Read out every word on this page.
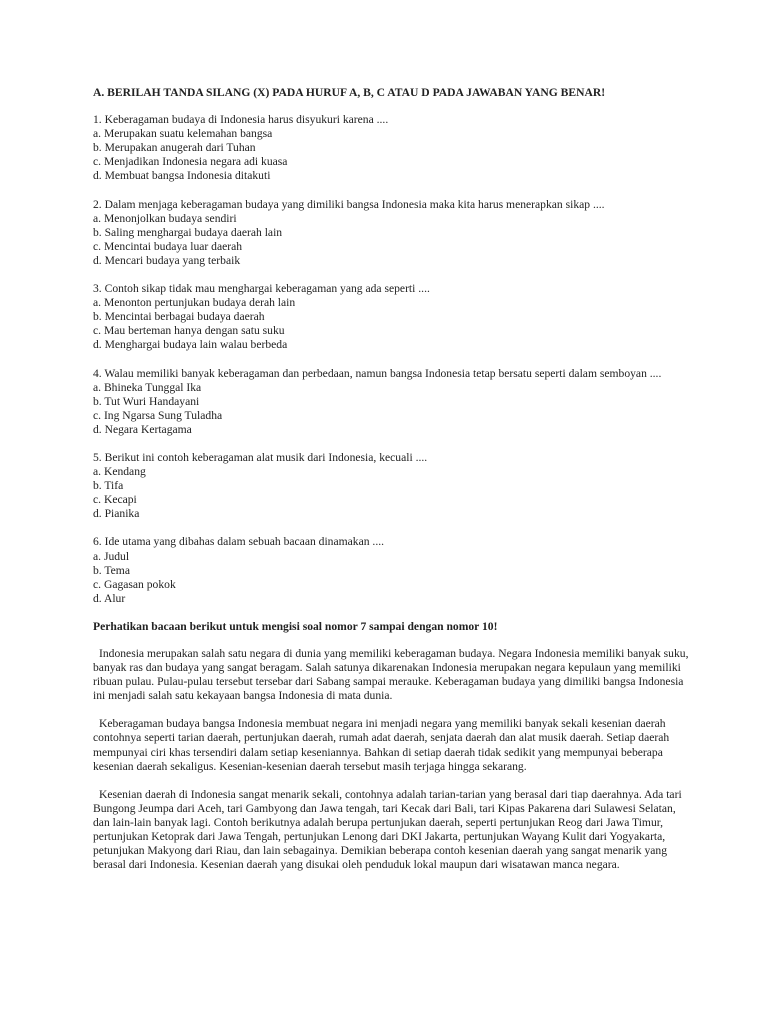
A. BERILAH TANDA SILANG (X) PADA HURUF A, B, C ATAU D PADA JAWABAN YANG BENAR!
1. Keberagaman budaya di Indonesia harus disyukuri karena ....
a. Merupakan suatu kelemahan bangsa
b. Merupakan anugerah dari Tuhan
c. Menjadikan Indonesia negara adi kuasa
d. Membuat bangsa Indonesia ditakuti
2. Dalam menjaga keberagaman budaya yang dimiliki bangsa Indonesia maka kita harus menerapkan sikap ....
a. Menonjolkan budaya sendiri
b. Saling menghargai budaya daerah lain
c. Mencintai budaya luar daerah
d. Mencari budaya yang terbaik
3. Contoh sikap tidak mau menghargai keberagaman yang ada seperti ....
a. Menonton pertunjukan budaya derah lain
b. Mencintai berbagai budaya daerah
c. Mau berteman hanya dengan satu suku
d. Menghargai budaya lain walau berbeda
4. Walau memiliki banyak keberagaman dan perbedaan, namun bangsa Indonesia tetap bersatu seperti dalam semboyan ....
a. Bhineka Tunggal Ika
b. Tut Wuri Handayani
c. Ing Ngarsa Sung Tuladha
d. Negara Kertagama
5. Berikut ini contoh keberagaman alat musik dari Indonesia, kecuali ....
a. Kendang
b. Tifa
c. Kecapi
d. Pianika
6. Ide utama yang dibahas dalam sebuah bacaan dinamakan ....
a. Judul
b. Tema
c. Gagasan pokok
d. Alur
Perhatikan bacaan berikut untuk mengisi soal nomor 7 sampai dengan nomor 10!

Indonesia merupakan salah satu negara di dunia yang memiliki keberagaman budaya. Negara Indonesia memiliki banyak suku, banyak ras dan budaya yang sangat beragam. Salah satunya dikarenakan Indonesia merupakan negara kepulaun yang memiliki ribuan pulau. Pulau-pulau tersebut tersebar dari Sabang sampai merauke. Keberagaman budaya yang dimiliki bangsa Indonesia ini menjadi salah satu kekayaan bangsa Indonesia di mata dunia.

Keberagaman budaya bangsa Indonesia membuat negara ini menjadi negara yang memiliki banyak sekali kesenian daerah contohnya seperti tarian daerah, pertunjukan daerah, rumah adat daerah, senjata daerah dan alat musik daerah. Setiap daerah mempunyai ciri khas tersendiri dalam setiap keseniannya. Bahkan di setiap daerah tidak sedikit yang mempunyai beberapa kesenian daerah sekaligus. Kesenian-kesenian daerah tersebut masih terjaga hingga sekarang.

Kesenian daerah di Indonesia sangat menarik sekali, contohnya adalah tarian-tarian yang berasal dari tiap daerahnya. Ada tari Bungong Jeumpa dari Aceh, tari Gambyong dan Jawa tengah, tari Kecak dari Bali, tari Kipas Pakarena dari Sulawesi Selatan, dan lain-lain banyak lagi. Contoh berikutnya adalah berupa pertunjukan daerah, seperti pertunjukan Reog dari Jawa Timur, pertunjukan Ketoprak dari Jawa Tengah, pertunjukan Lenong dari DKI Jakarta, pertunjukan Wayang Kulit dari Yogyakarta, petunjukan Makyong dari Riau, dan lain sebagainya. Demikian beberapa contoh kesenian daerah yang sangat menarik yang berasal dari Indonesia. Kesenian daerah yang disukai oleh penduduk lokal maupun dari wisatawan manca negara.
